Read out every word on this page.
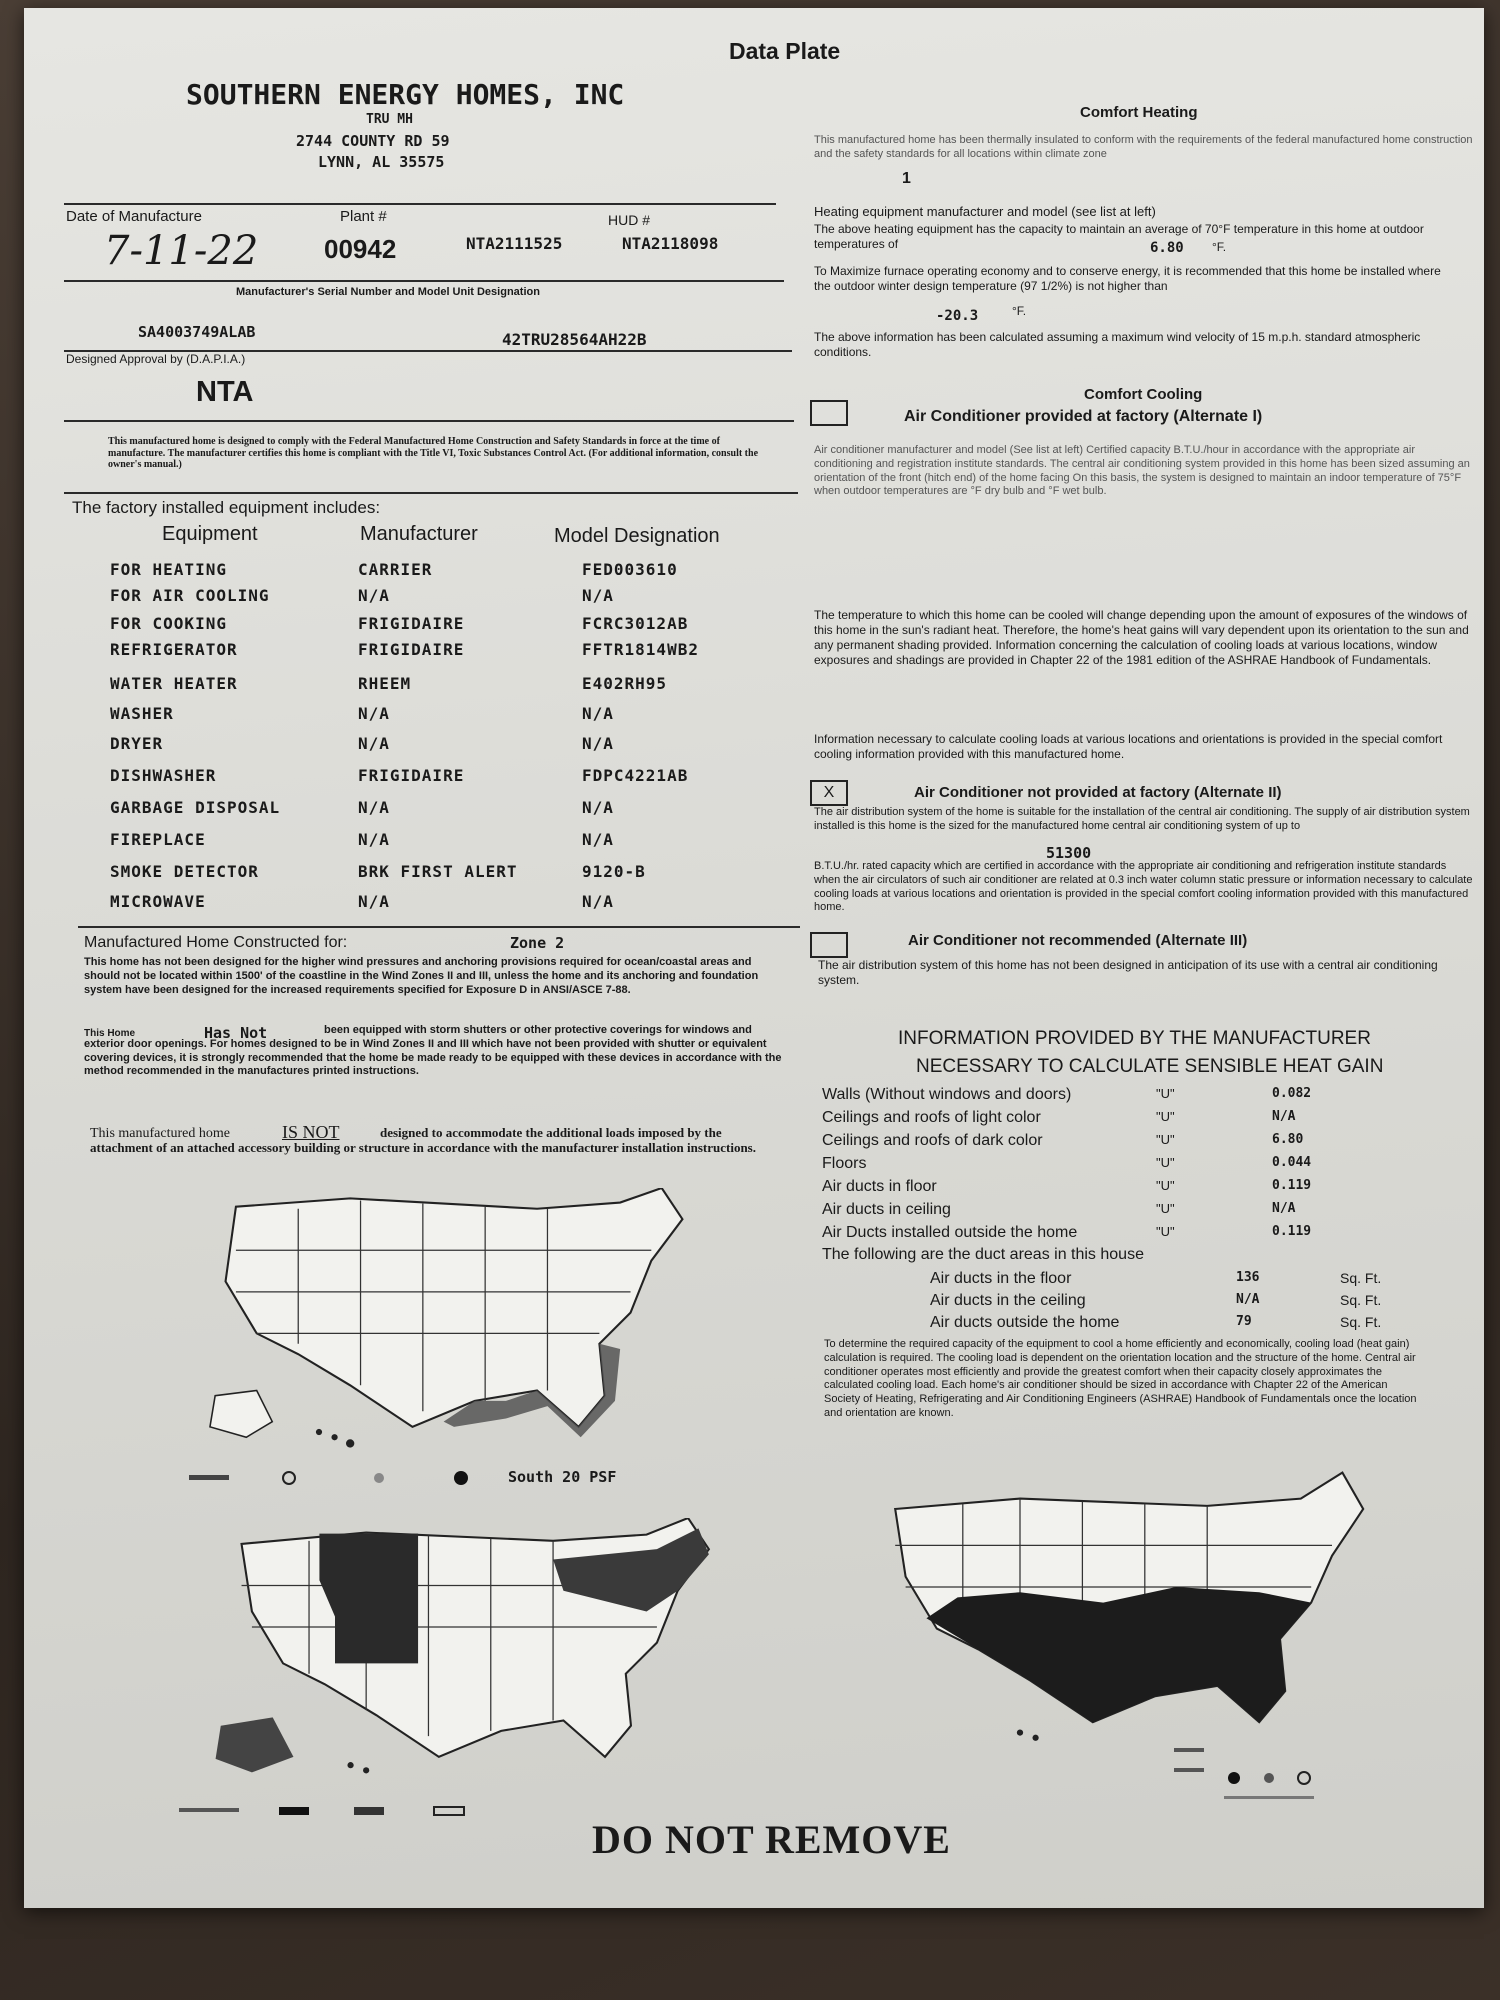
Data Plate
SOUTHERN ENERGY HOMES, INC
TRU MH
2744 COUNTY RD 59
LYNN, AL 35575
Date of Manufacture	Plant #	HUD #
7-11-22	00942	NTA2111525	NTA2118098
Manufacturer's Serial Number and Model Unit Designation
SA4003749ALAB	42TRU28564AH22B
Designed Approval by (D.A.P.I.A.)
NTA
This manufactured home is designed to comply with the Federal Manufactured Home Construction and Safety Standards in force at the time of manufacture. The manufacturer certifies this home is compliant with the Title VI, Toxic Substances Control Act. (For additional information, consult the owner's manual.)
The factory installed equipment includes:
Equipment	Manufacturer	Model Designation
FOR HEATING	CARRIER	FED003610
FOR AIR COOLING	N/A	N/A
FOR COOKING	FRIGIDAIRE	FCRC3012AB
REFRIGERATOR	FRIGIDAIRE	FFTR1814WB2
WATER HEATER	RHEEM	E402RH95
WASHER	N/A	N/A
DRYER	N/A	N/A
DISHWASHER	FRIGIDAIRE	FDPC4221AB
GARBAGE DISPOSAL	N/A	N/A
FIREPLACE	N/A	N/A
SMOKE DETECTOR	BRK FIRST ALERT	9120-B
MICROWAVE	N/A	N/A
Manufactured Home Constructed for:	Zone 2
This home has not been designed for the higher wind pressures and anchoring provisions required for ocean/coastal areas and should not be located within 1500' of the coastline in the Wind Zones II and III, unless the home and its anchoring and foundation system have been designed for the increased requirements specified for Exposure D in ANSI/ASCE 7-88.
This Home	Has Not	been equipped with storm shutters or other protective coverings for windows and exterior door openings. For homes designed to be in Wind Zones II and III which have not been provided with shutter or equivalent covering devices, it is strongly recommended that the home be made ready to be equipped with these devices in accordance with the method recommended in the manufactures printed instructions.
This manufactured home	IS NOT	designed to accommodate the additional loads imposed by the attachment of an attached accessory building or structure in accordance with the manufacturer installation instructions.
South 20 PSF
DO NOT REMOVE
Comfort Heating
This manufactured home has been thermally insulated to conform with the requirements of the federal manufactured home construction and the safety standards for all locations within climate zone
1
Heating equipment manufacturer and model (see list at left)
The above heating equipment has the capacity to maintain an average of 70°F temperature in this home at outdoor temperatures of	6.80 °F.
To Maximize furnace operating economy and to conserve energy, it is recommended that this home be installed where the outdoor winter design temperature (97 1/2%) is not higher than
-20.3	°F.
The above information has been calculated assuming a maximum wind velocity of 15 m.p.h. standard atmospheric conditions.
Comfort Cooling
Air Conditioner provided at factory (Alternate I)
Air conditioner manufacturer and model (See list at left) Certified capacity B.T.U./hour in accordance with the appropriate air conditioning and registration institute standards. The central air conditioning system provided in this home has been sized assuming an orientation of the front (hitch end) of the home facing On this basis, the system is designed to maintain an indoor temperature of 75°F when outdoor temperatures are °F dry bulb and °F wet bulb.
The temperature to which this home can be cooled will change depending upon the amount of exposures of the windows of this home in the sun's radiant heat. Therefore, the home's heat gains will vary dependent upon its orientation to the sun and any permanent shading provided. Information concerning the calculation of cooling loads at various locations, window exposures and shadings are provided in Chapter 22 of the 1981 edition of the ASHRAE Handbook of Fundamentals.
Information necessary to calculate cooling loads at various locations and orientations is provided in the special comfort cooling information provided with this manufactured home.
X	Air Conditioner not provided at factory (Alternate II)
The air distribution system of the home is suitable for the installation of the central air conditioning. The supply of air distribution system installed is this home is the sized for the manufactured home central air conditioning system of up to
51300
B.T.U./hr. rated capacity which are certified in accordance with the appropriate air conditioning and refrigeration institute standards when the air circulators of such air conditioner are related at 0.3 inch water column static pressure or information necessary to calculate cooling loads at various locations and orientation is provided in the special comfort cooling information provided with this manufactured home.
Air Conditioner not recommended (Alternate III)
The air distribution system of this home has not been designed in anticipation of its use with a central air conditioning system.
INFORMATION PROVIDED BY THE MANUFACTURER
NECESSARY TO CALCULATE SENSIBLE HEAT GAIN
Walls (Without windows and doors)	"U"	0.082
Ceilings and roofs of light color	"U"	N/A
Ceilings and roofs of dark color	"U"	6.80
Floors	"U"	0.044
Air ducts in floor	"U"	0.119
Air ducts in ceiling	"U"	N/A
Air Ducts installed outside the home	"U"	0.119
The following are the duct areas in this house
Air ducts in the floor	136	Sq. Ft.
Air ducts in the ceiling	N/A	Sq. Ft.
Air ducts outside the home	79	Sq. Ft.
To determine the required capacity of the equipment to cool a home efficiently and economically, cooling load (heat gain) calculation is required. The cooling load is dependent on the orientation location and the structure of the home. Central air conditioner operates most efficiently and provide the greatest comfort when their capacity closely approximates the calculated cooling load. Each home's air conditioner should be sized in accordance with Chapter 22 of the American Society of Heating, Refrigerating and Air Conditioning Engineers (ASHRAE) Handbook of Fundamentals once the location and orientation are known.
